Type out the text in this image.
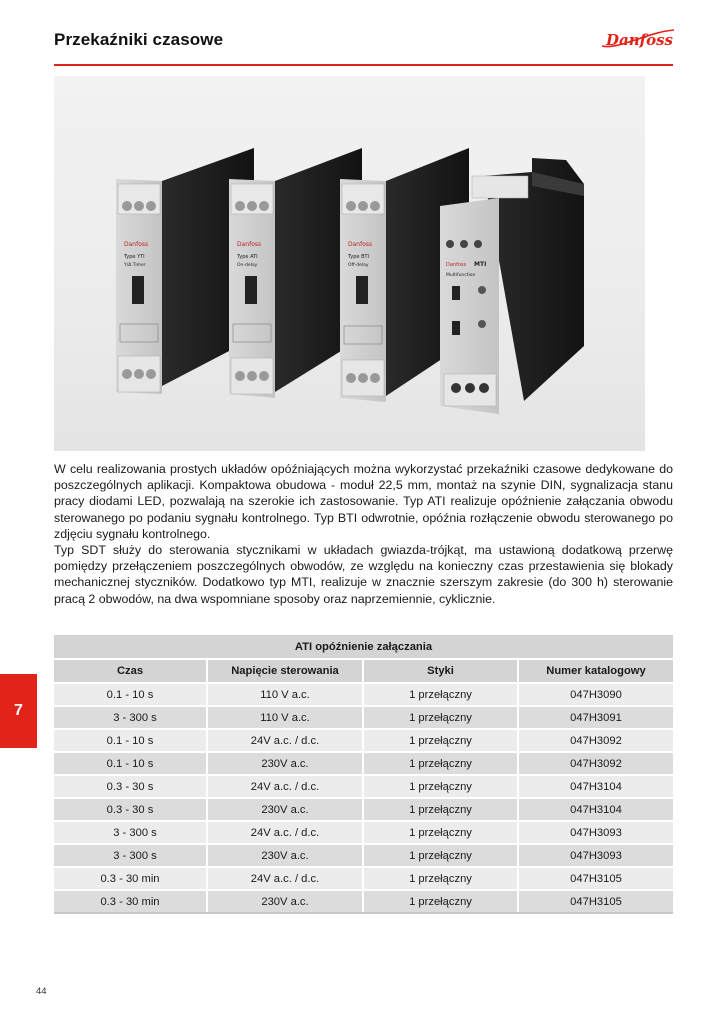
Przekaźniki czasowe	Danfoss
Danfoss
Type YTI
Y/Δ Timer
Danfoss
Type ATI
On-delay
Danfoss
Type BTI
Off-delay	Danfoss MTI
Multifunction

W celu realizowania prostych układów opóźniających można wykorzystać przekaźniki czasowe dedykowane do poszczególnych aplikacji. Kompaktowa obudowa - moduł 22,5 mm, montaż na szynie DIN, sygnalizacja stanu pracy diodami LED, pozwalają na szerokie ich zastosowanie. Typ ATI realizuje opóźnienie załączania obwodu sterowanego po podaniu sygnału kontrolnego. Typ BTI odwrotnie, opóźnia rozłączenie obwodu sterowanego po zdjęciu sygnału kontrolnego.

Typ SDT służy do sterowania stycznikami w układach gwiazda-trójkąt, ma ustawioną dodatkową przerwę pomiędzy przełączeniem poszczególnych obwodów, ze względu na konieczny czas przestawienia się blokady mechanicznej styczników. Dodatkowo typ MTI, realizuje w znacznie szerszym zakresie (do 300 h) sterowanie pracą 2 obwodów, na dwa wspomniane sposoby oraz naprzemiennie, cyklicznie.

7
ATI opóźnienie załączania			
Czas	Napięcie sterowania	Styki	Numer katalogowy
0.1 - 10 s	110 V a.c.	1 przełączny	047H3090
3 - 300 s	110 V a.c.	1 przełączny	047H3091
0.1 - 10 s	24V a.c. / d.c.	1 przełączny	047H3092
0.1 - 10 s	230V a.c.	1 przełączny	047H3092
0.3 - 30 s	24V a.c. / d.c.	1 przełączny	047H3104
0.3 - 30 s	230V a.c.	1 przełączny	047H3104
3 - 300 s	24V a.c. / d.c.	1 przełączny	047H3093
3 - 300 s	230V a.c.	1 przełączny	047H3093
0.3 - 30 min	24V a.c. / d.c.	1 przełączny	047H3105
0.3 - 30 min	230V a.c.	1 przełączny	047H3105
44
